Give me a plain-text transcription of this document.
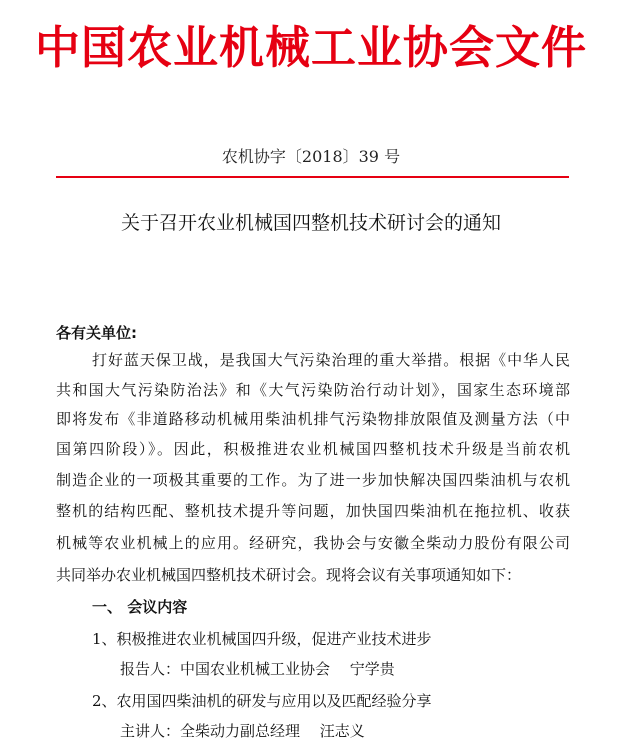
中国农业机械工业协会文件
农机协字〔2018〕39 号
关于召开农业机械国四整机技术研讨会的通知
各有关单位:
打好蓝天保卫战，是我国大气污染治理的重大举措。根据《中华人民
共和国大气污染防治法》和《大气污染防治行动计划》，国家生态环境部
即将发布《非道路移动机械用柴油机排气污染物排放限值及测量方法（中
国第四阶段）》。因此，积极推进农业机械国四整机技术升级是当前农机
制造企业的一项极其重要的工作。为了进一步加快解决国四柴油机与农机
整机的结构匹配、整机技术提升等问题，加快国四柴油机在拖拉机、收获
机械等农业机械上的应用。经研究，我协会与安徽全柴动力股份有限公司
共同举办农业机械国四整机技术研讨会。现将会议有关事项通知如下：
一、 会议内容
1、积极推进农业机械国四升级，促进产业技术进步
报告人：中国农业机械工业协会　 宁学贵
2、农用国四柴油机的研发与应用以及匹配经验分享
主讲人：全柴动力副总经理　 汪志义
